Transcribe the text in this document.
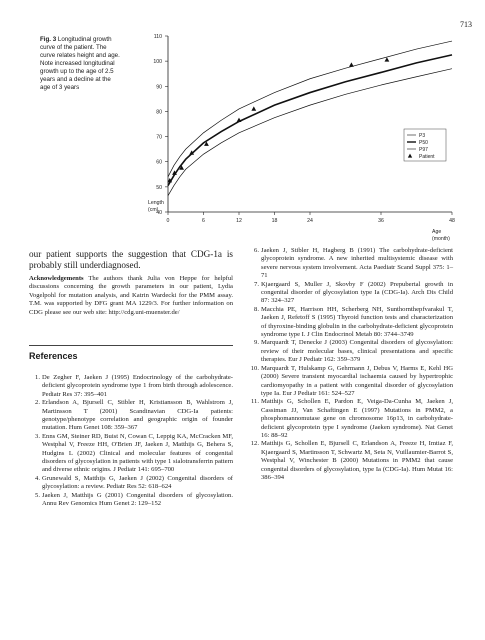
713
Fig. 3 Longitudinal growth curve of the patient. The curve relates height and age. Note increased longitudinal growth up to the age of 2.5 years and a decline at the age of 3 years
40
50
60
70
80
90
100
110
0	6	12	18	24	36	48
Length
(cm)
Age
(month)
P3
P50
P97
Patient
our patient supports the suggestion that CDG-1a is probably still underdiagnosed.
Acknowledgements The authors thank Julia von Heppe for helpful discussions concerning the growth parameters in our patient, Lydia Vogelpohl for mutation analysis, and Katrin Wardecki for the PMM assay. T.M. was supported by DFG grant MA 1229/3. For further information on CDG please see our web site: http://cdg.uni-muenster.de/
References
1. De Zegher F, Jaeken J (1995) Endocrinology of the carbohydrate-deficient glycoprotein syndrome type 1 from birth through adolescence. Pediatr Res 37: 395–401
2. Erlandson A, Bjursell C, Stibler H, Kristiansson B, Wahlstrom J, Martinsson T (2001) Scandinavian CDG-Ia patients: genotype/phenotype correlation and geographic origin of founder mutation. Hum Genet 108: 359–367
3. Enns GM, Steiner RD, Buist N, Cowan C, Leppig KA, McCracken MF, Westphal V, Freeze HH, O'Brien JF, Jaeken J, Matthijs G, Behera S, Hudgins L (2002) Clinical and molecular features of congenital disorders of glycosylation in patients with type 1 sialotransferrin pattern and diverse ethnic origins. J Pediatr 141: 695–700
4. Grunewald S, Matthijs G, Jaeken J (2002) Congenital disorders of glycosylation: a review. Pediatr Res 52: 618–624
5. Jaeken J, Matthijs G (2001) Congenital disorders of glycosylation. Annu Rev Genomics Hum Genet 2: 129–152
6. Jaeken J, Stibler H, Hagberg B (1991) The carbohydrate-deficient glycoprotein syndrome. A new inherited multisystemic disease with severe nervous system involvement. Acta Paediatr Scand Suppl 375: 1–71
7. Kjaergaard S, Muller J, Skovby F (2002) Prepubertal growth in congenital disorder of glycosylation type Ia (CDG-Ia). Arch Dis Child 87: 324–327
8. Macchia PE, Harrison HH, Scherberg NH, Sunthornthepfvarakul T, Jaeken J, Refetoff S (1995) Thyroid function tests and characterization of thyroxine-binding globulin in the carbohydrate-deficient glycoprotein syndrome type I. J Clin Endocrinol Metab 80: 3744–3749
9. Marquardt T, Denecke J (2003) Congenital disorders of glycosylation: review of their molecular bases, clinical presentations and specific therapies. Eur J Pediatr 162: 359–379
10. Marquardt T, Hulskamp G, Gehrmann J, Debus V, Harms E, Kehl HG (2000) Severe transient myocardial ischaemia caused by hypertrophic cardiomyopathy in a patient with congenital disorder of glycosylation type Ia. Eur J Pediatr 161: 524–527
11. Matthijs G, Schollen E, Pardon E, Veiga-Da-Cunha M, Jaeken J, Cassiman JJ, Van Schaftingen E (1997) Mutations in PMM2, a phosphomannomutase gene on chromosome 16p13, in carbohydrate-deficient glycoprotein type I syndrome (Jaeken syndrome). Nat Genet 16: 88–92
12. Matthijs G, Schollen E, Bjursell C, Erlandson A, Freeze H, Imtiaz F, Kjaergaard S, Martinsson T, Schwartz M, Seta N, Vuillaumier-Barrot S, Westphal V, Winchester B (2000) Mutations in PMM2 that cause congenital disorders of glycosylation, type Ia (CDG-Ia). Hum Mutat 16: 386–394
